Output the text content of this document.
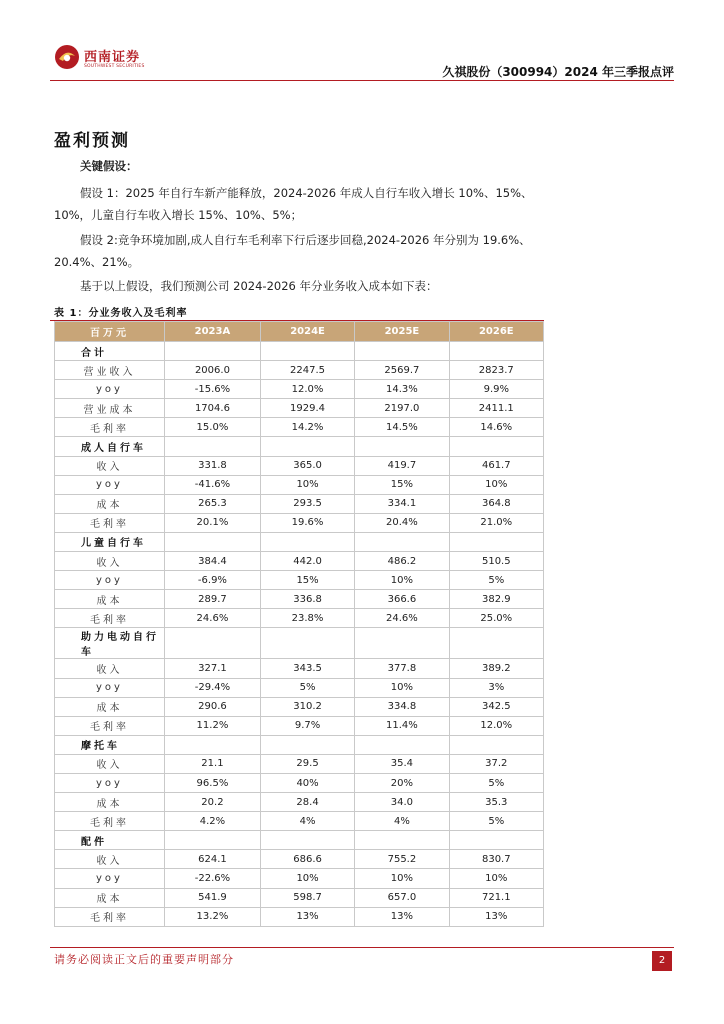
西南证券
SOUTHWEST SECURITIES	久祺股份（300994）2024 年三季报点评
盈利预测
关键假设：
假设 1：2025 年自行车新产能释放，2024-2026 年成人自行车收入增长 10%、15%、10%，儿童自行车收入增长 15%、10%、5%；
假设 2:竞争环境加剧,成人自行车毛利率下行后逐步回稳,2024-2026 年分别为 19.6%、20.4%、21%。
基于以上假设，我们预测公司 2024-2026 年分业务收入成本如下表：
表 1：分业务收入及毛利率
百万元	2023A	2024E	2025E	2026E
合计				
营业收入	2006.0	2247.5	2569.7	2823.7
yoy	-15.6%	12.0%	14.3%	9.9%
营业成本	1704.6	1929.4	2197.0	2411.1
毛利率	15.0%	14.2%	14.5%	14.6%
成人自行车				
收入	331.8	365.0	419.7	461.7
yoy	-41.6%	10%	15%	10%
成本	265.3	293.5	334.1	364.8
毛利率	20.1%	19.6%	20.4%	21.0%
儿童自行车				
收入	384.4	442.0	486.2	510.5
yoy	-6.9%	15%	10%	5%
成本	289.7	336.8	366.6	382.9
毛利率	24.6%	23.8%	24.6%	25.0%
助力电动自行车				
收入	327.1	343.5	377.8	389.2
yoy	-29.4%	5%	10%	3%
成本	290.6	310.2	334.8	342.5
毛利率	11.2%	9.7%	11.4%	12.0%
摩托车				
收入	21.1	29.5	35.4	37.2
yoy	96.5%	40%	20%	5%
成本	20.2	28.4	34.0	35.3
毛利率	4.2%	4%	4%	5%
配件				
收入	624.1	686.6	755.2	830.7
yoy	-22.6%	10%	10%	10%
成本	541.9	598.7	657.0	721.1
毛利率	13.2%	13%	13%	13%
请务必阅读正文后的重要声明部分	2
